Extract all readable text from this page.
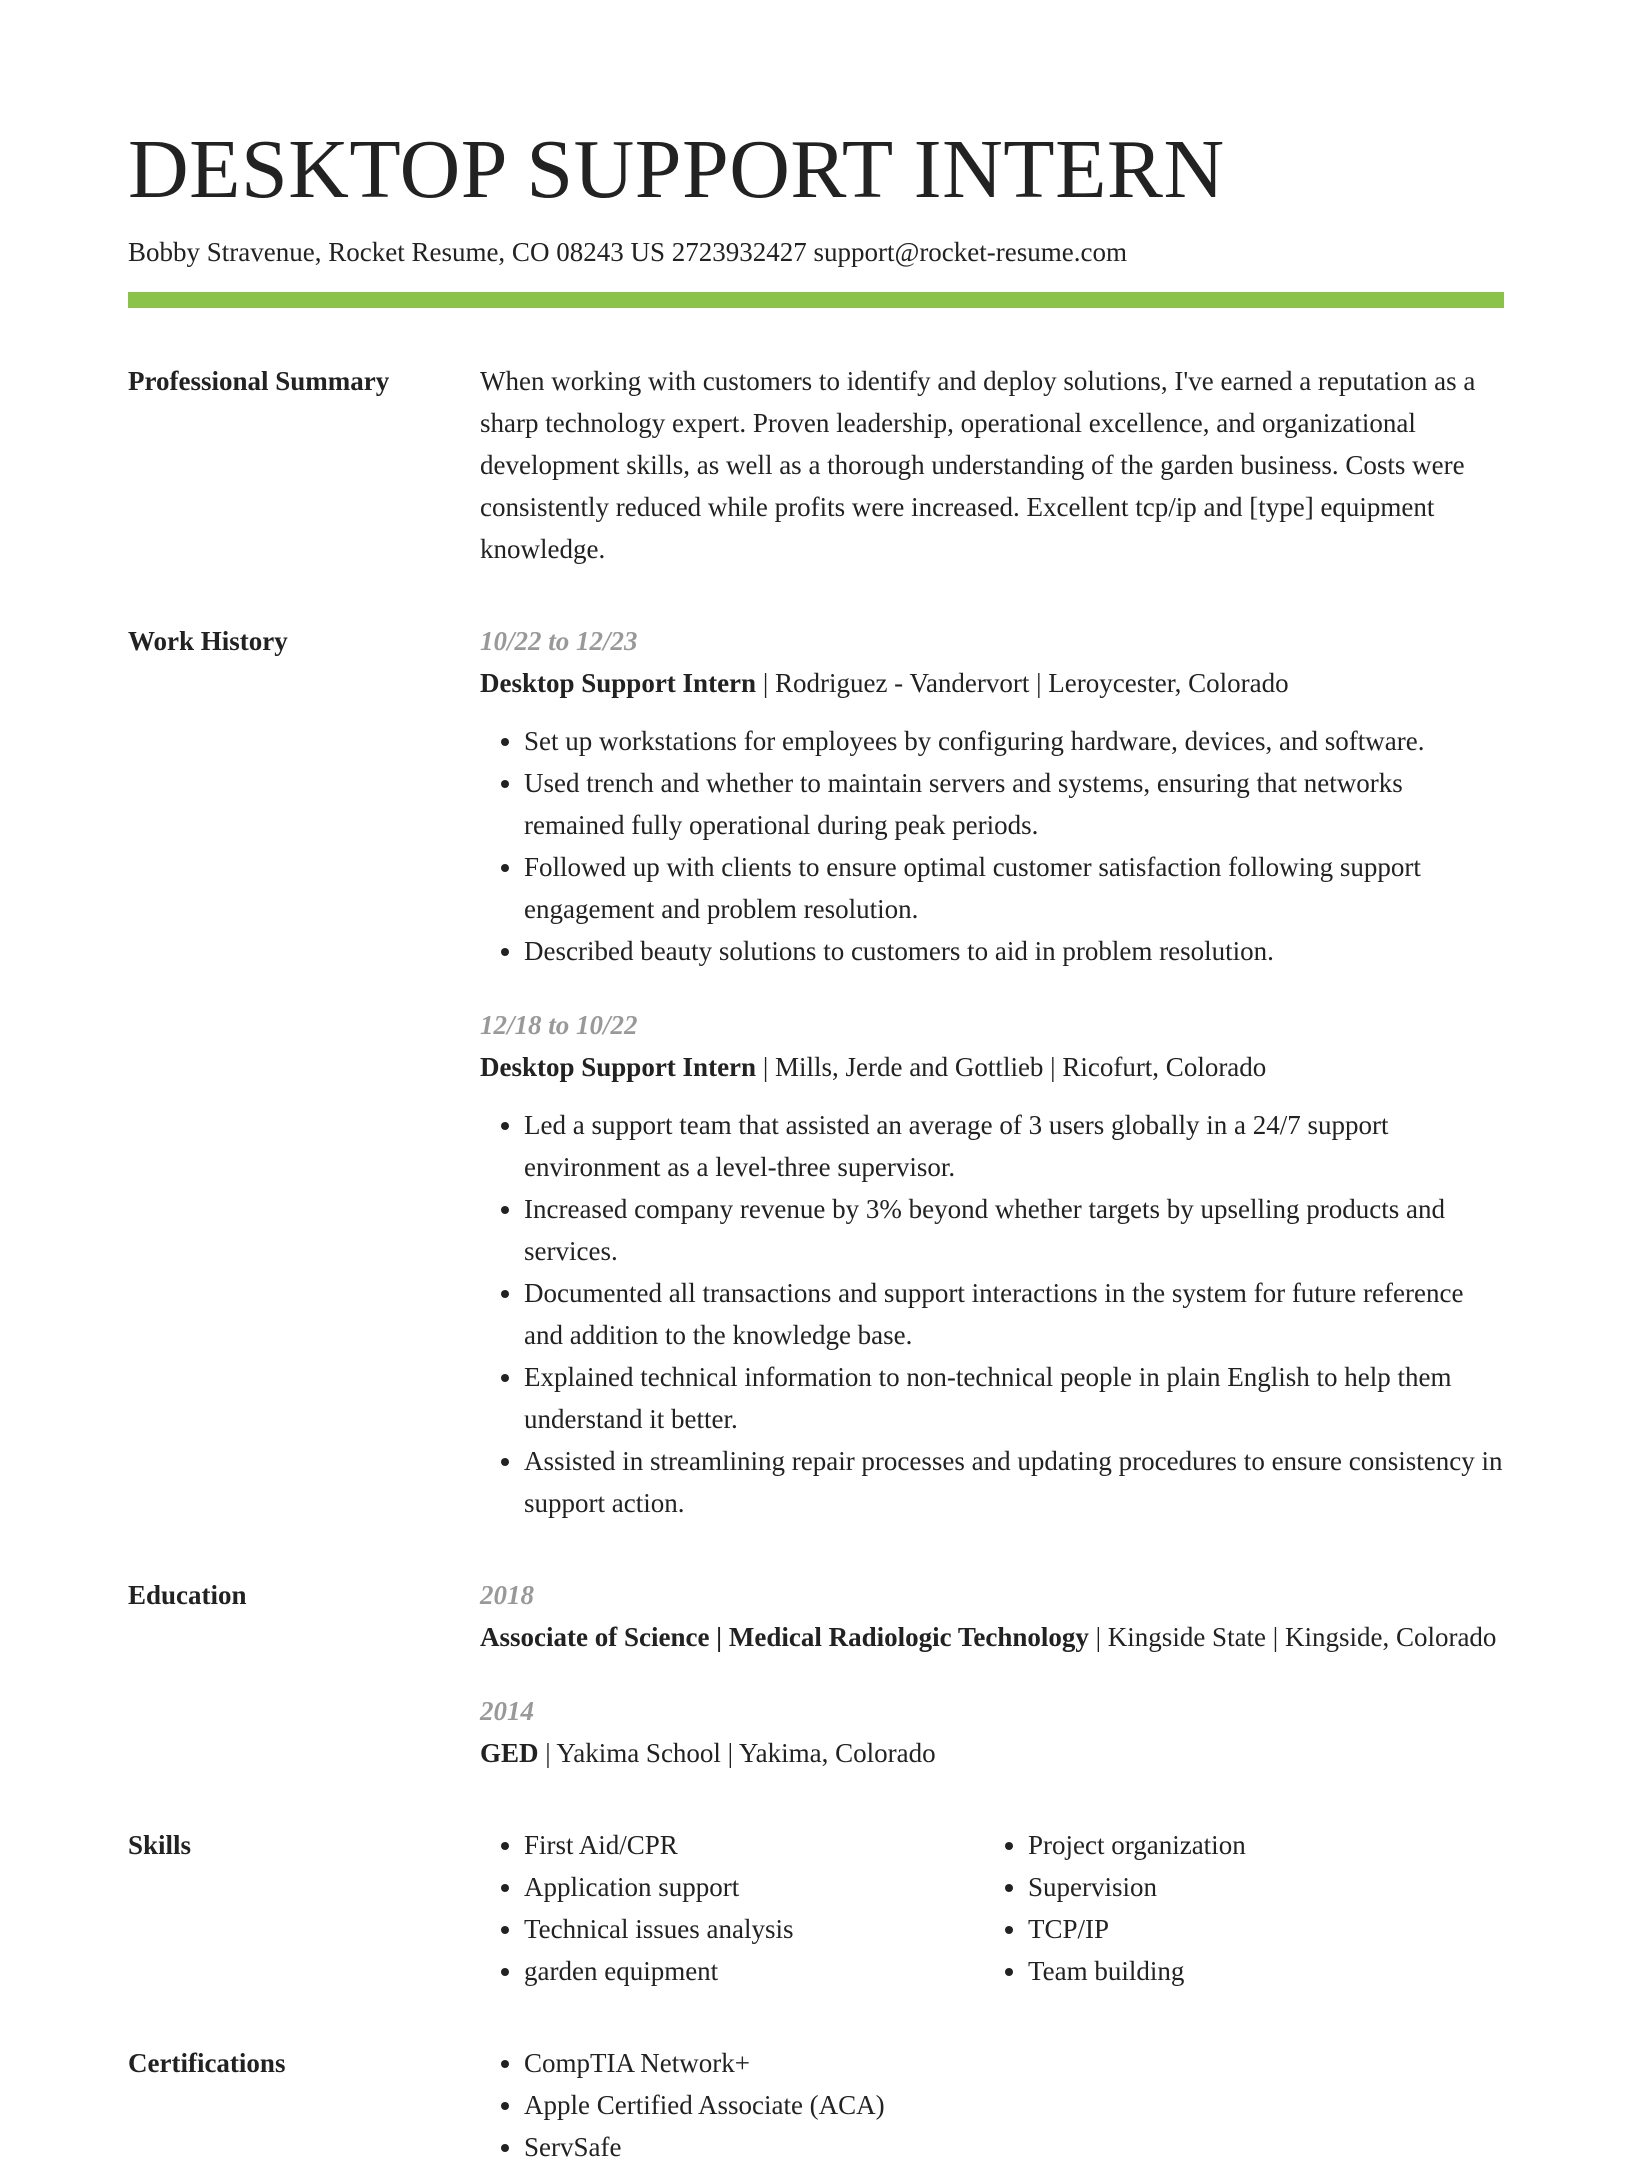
DESKTOP SUPPORT INTERN
Bobby Stravenue, Rocket Resume, CO 08243 US 2723932427 support@rocket-resume.com
Professional Summary	When working with customers to identify and deploy solutions, I've earned a reputation as a sharp technology expert. Proven leadership, operational excellence, and organizational development skills, as well as a thorough understanding of the garden business. Costs were consistently reduced while profits were increased. Excellent tcp/ip and [type] equipment knowledge.

Work History	10/22 to 12/23
Desktop Support Intern | Rodriguez - Vandervort | Leroycester, Colorado
• Set up workstations for employees by configuring hardware, devices, and software.
• Used trench and whether to maintain servers and systems, ensuring that networks remained fully operational during peak periods.
• Followed up with clients to ensure optimal customer satisfaction following support engagement and problem resolution.
• Described beauty solutions to customers to aid in problem resolution.
12/18 to 10/22
Desktop Support Intern | Mills, Jerde and Gottlieb | Ricofurt, Colorado
• Led a support team that assisted an average of 3 users globally in a 24/7 support environment as a level-three supervisor.
• Increased company revenue by 3% beyond whether targets by upselling products and services.
• Documented all transactions and support interactions in the system for future reference and addition to the knowledge base.
• Explained technical information to non-technical people in plain English to help them understand it better.
• Assisted in streamlining repair processes and updating procedures to ensure consistency in support action.
Education	2018
Associate of Science | Medical Radiologic Technology | Kingside State | Kingside, Colorado
2014
GED | Yakima School | Yakima, Colorado
Skills	• First Aid/CPR
• Application support
• Technical issues analysis
• garden equipment
• Project organization
• Supervision
• TCP/IP
• Team building
Certifications	• CompTIA Network+
• Apple Certified Associate (ACA)
• ServSafe
